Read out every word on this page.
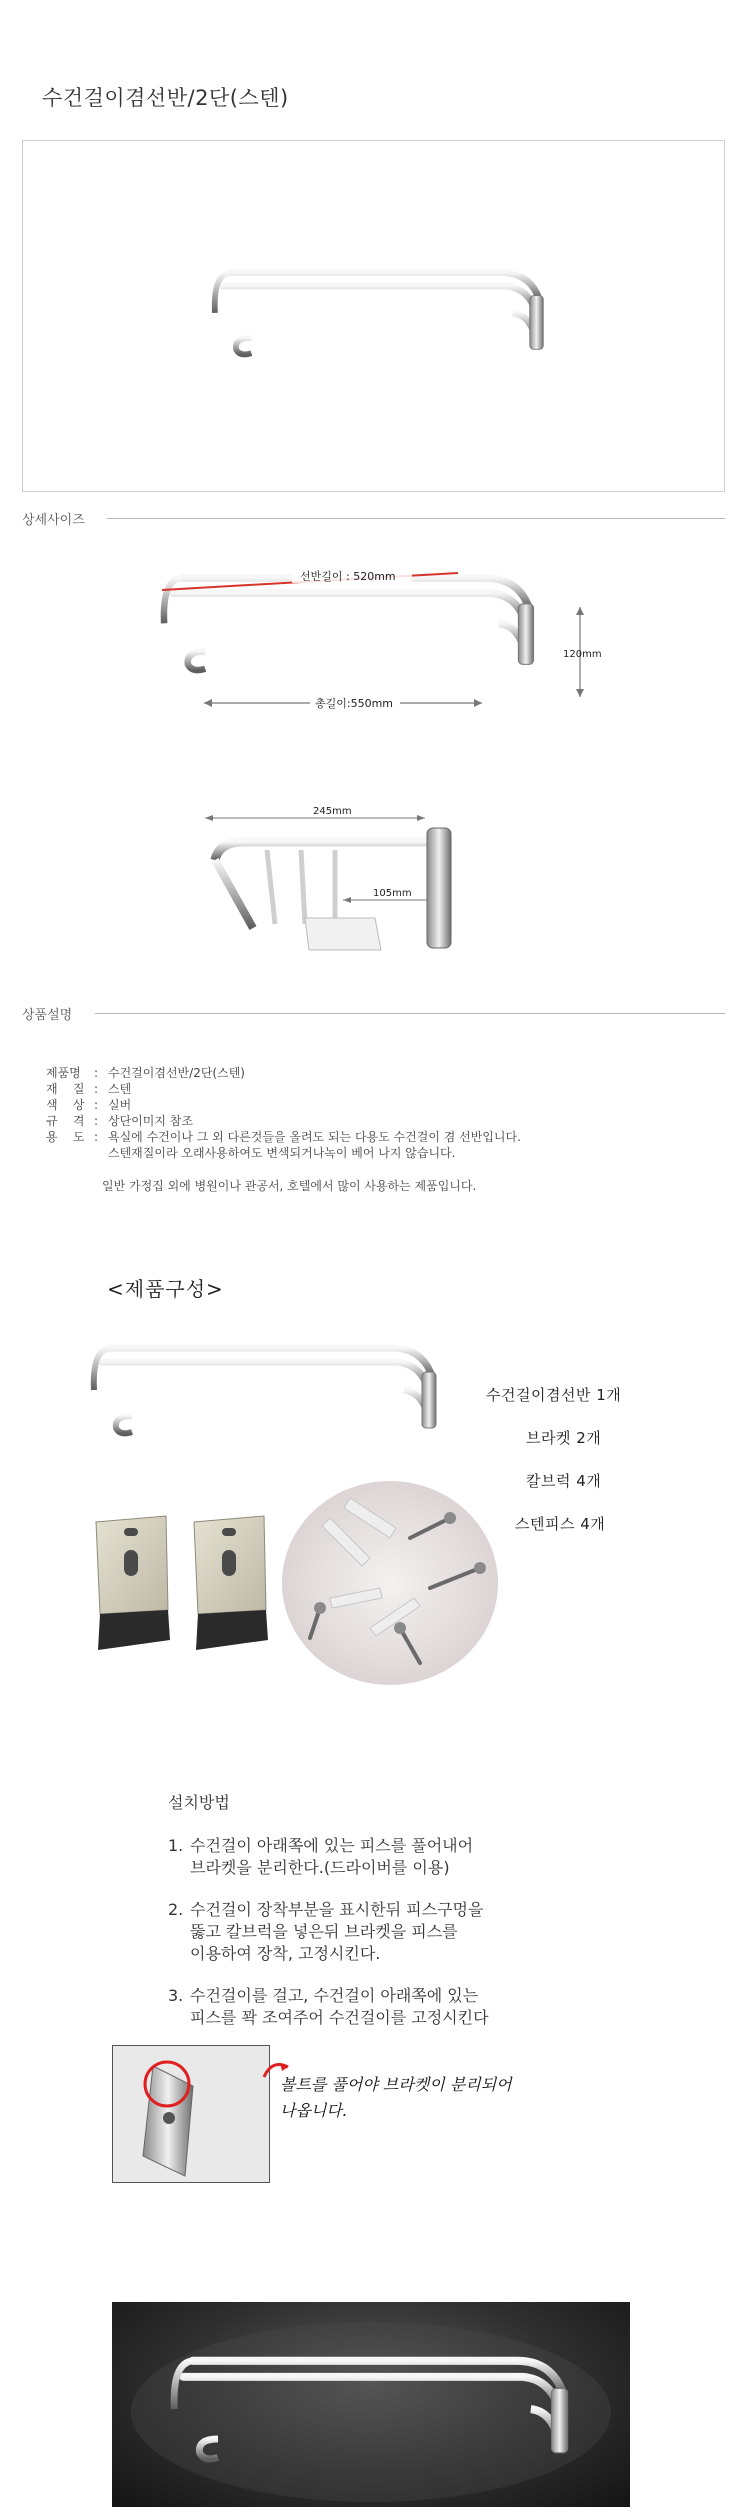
수건걸이겸선반/2단(스텐)
상세사이즈
선반길이 : 520mm
총길이:550mm
120mm
245mm
105mm
상품설명
제품명	: 수건걸이겸선반/2단(스텐)
재    질 : 스텐
색    상 : 실버
규    격 : 상단이미지 참조
용    도 : 욕실에 수건이나 그 외 다른것들을 올려도 되는 다용도 수건걸이 겸 선반입니다.
스텐재질이라 오래사용하여도 변색되거나녹이 베어 나지 않습니다.
일반 가정집 외에 병원이나 관공서, 호텔에서 많이 사용하는 제품입니다.
<제품구성>
수건걸이겸선반 1개
브라켓 2개
칼브럭 4개
스텐피스 4개
설치방법
1. 수건걸이 아래쪽에 있는 피스를 풀어내어
브라켓을 분리한다.(드라이버를 이용)
2. 수건걸이 장착부분을 표시한뒤 피스구멍을
뚫고 칼브럭을 넣은뒤 브라켓을 피스를
이용하여 장착, 고정시킨다.
3. 수건걸이를 걸고, 수건걸이 아래쪽에 있는
피스를 꽉 조여주어 수건걸이를 고정시킨다
볼트를 풀어야 브라켓이 분리되어
나옵니다.
